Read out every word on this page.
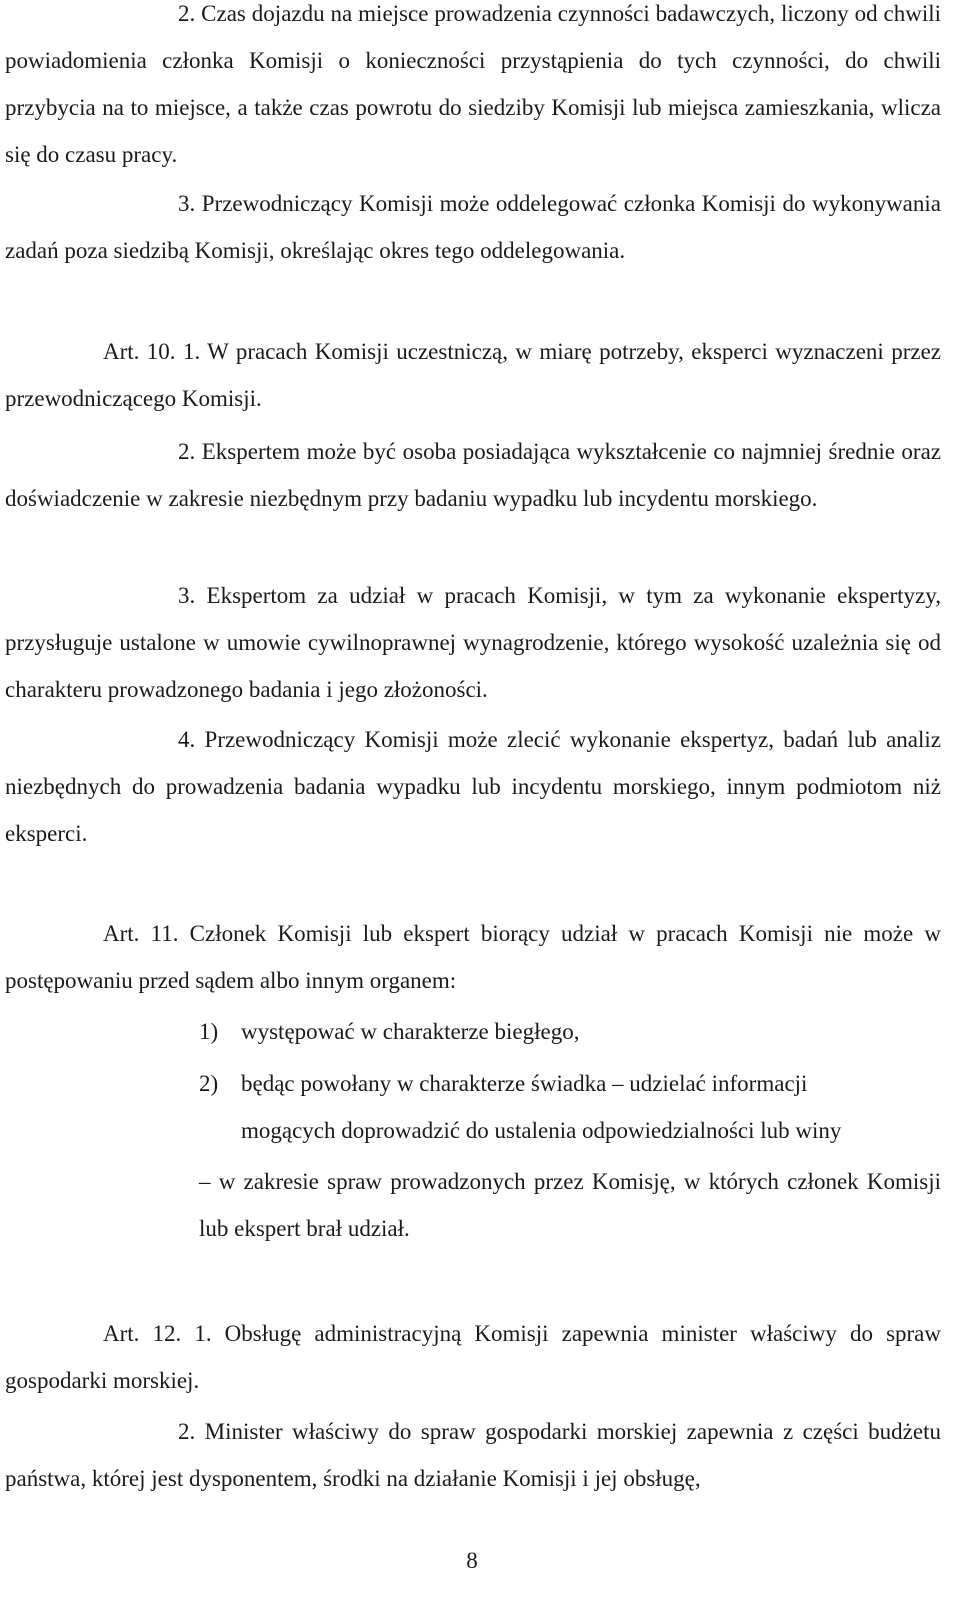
2. Czas dojazdu na miejsce prowadzenia czynności badawczych, liczony od chwili powiadomienia członka Komisji o konieczności przystąpienia do tych czynności, do chwili przybycia na to miejsce, a także czas powrotu do siedziby Komisji lub miejsca zamieszkania, wlicza się do czasu pracy.

3. Przewodniczący Komisji może oddelegować członka Komisji do wykonywania zadań poza siedzibą Komisji, określając okres tego oddelegowania.

Art. 10. 1. W pracach Komisji uczestniczą, w miarę potrzeby, eksperci wyznaczeni przez przewodniczącego Komisji.

2. Ekspertem może być osoba posiadająca wykształcenie co najmniej średnie oraz doświadczenie w zakresie niezbędnym przy badaniu wypadku lub incydentu morskiego.

3. Ekspertom za udział w pracach Komisji, w tym za wykonanie ekspertyzy, przysługuje ustalone w umowie cywilnoprawnej wynagrodzenie, którego wysokość uzależnia się od charakteru prowadzonego badania i jego złożoności.

4. Przewodniczący Komisji może zlecić wykonanie ekspertyz, badań lub analiz niezbędnych do prowadzenia badania wypadku lub incydentu morskiego, innym podmiotom niż eksperci.

Art. 11. Członek Komisji lub ekspert biorący udział w pracach Komisji nie może w postępowaniu przed sądem albo innym organem:

1) występować w charakterze biegłego,
2) będąc powołany w charakterze świadka – udzielać informacji
mogących doprowadzić do ustalenia odpowiedzialności lub winy

– w zakresie spraw prowadzonych przez Komisję, w których członek Komisji lub ekspert brał udział.

Art. 12. 1. Obsługę administracyjną Komisji zapewnia minister właściwy do spraw gospodarki morskiej.

2. Minister właściwy do spraw gospodarki morskiej zapewnia z części budżetu państwa, której jest dysponentem, środki na działanie Komisji i jej obsługę,

8
